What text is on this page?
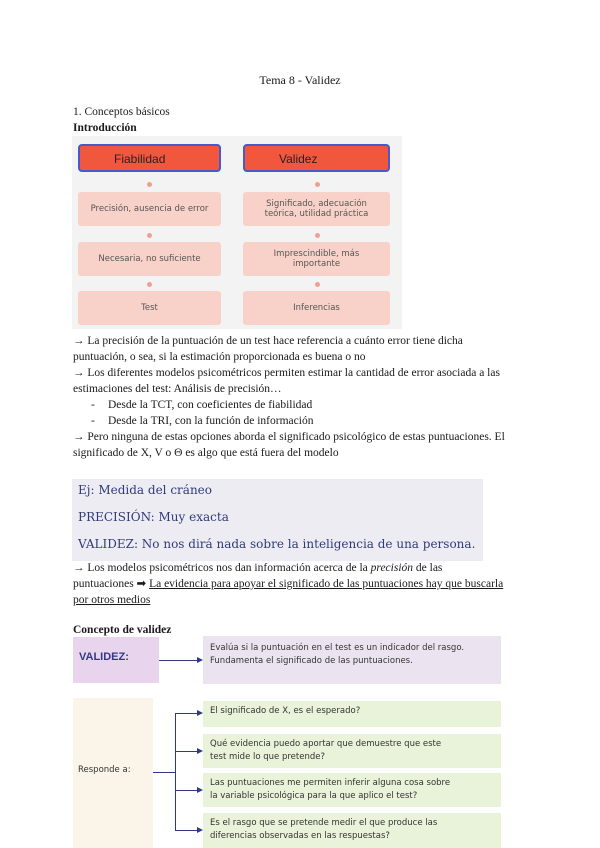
Tema 8 - Validez
1. Conceptos básicos
Introducción
Fiabilidad	Validez
Precisión, ausencia de error	Significado, adecuación
teórica, utilidad práctica
Necesaria, no suficiente	Imprescindible, más
importante
Test	Inferencias
→ La precisión de la puntuación de un test hace referencia a cuánto error tiene dicha
puntuación, o sea, si la estimación proporcionada es buena o no
→ Los diferentes modelos psicométricos permiten estimar la cantidad de error asociada a las
estimaciones del test: Análisis de precisión…
- Desde la TCT, con coeficientes de fiabilidad
- Desde la TRI, con la función de información
→ Pero ninguna de estas opciones aborda el significado psicológico de estas puntuaciones. El
significado de X, V o Θ es algo que está fuera del modelo
Ej: Medida del cráneo
PRECISIÓN: Muy exacta
VALIDEZ: No nos dirá nada sobre la inteligencia de una persona.
→ Los modelos psicométricos nos dan información acerca de la precisión de las
puntuaciones ➡ La evidencia para apoyar el significado de las puntuaciones hay que buscarla
por otros medios
Concepto de validez
VALIDEZ:
Evalúa si la puntuación en el test es un indicador del rasgo.
Fundamenta el significado de las puntuaciones.
Responde a:
El significado de X, es el esperado?
Qué evidencia puedo aportar que demuestre que este
test mide lo que pretende?
Las puntuaciones me permiten inferir alguna cosa sobre
la variable psicológica para la que aplico el test?
Es el rasgo que se pretende medir el que produce las
diferencias observadas en las respuestas?
